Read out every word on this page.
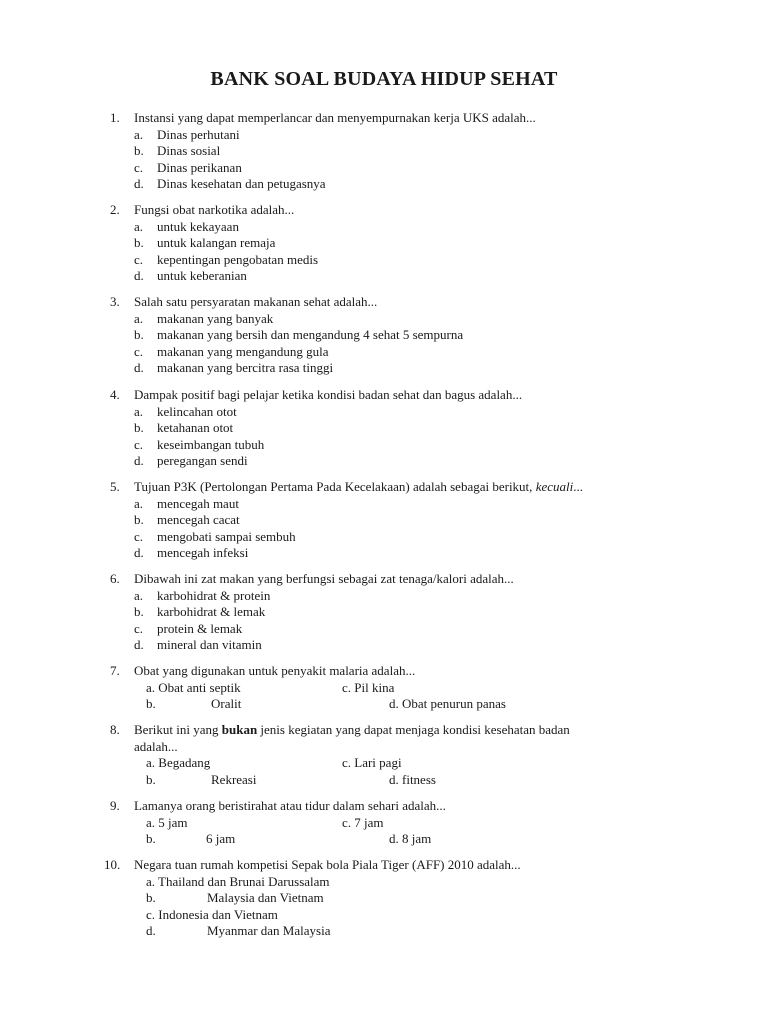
BANK SOAL BUDAYA HIDUP SEHAT
1. Instansi yang dapat memperlancar dan menyempurnakan kerja UKS adalah...
a. Dinas perhutani
b. Dinas sosial
c. Dinas perikanan
d. Dinas kesehatan dan petugasnya
2. Fungsi obat narkotika adalah...
a. untuk kekayaan
b. untuk kalangan remaja
c. kepentingan pengobatan medis
d. untuk keberanian
3. Salah satu persyaratan makanan sehat adalah...
a. makanan yang banyak
b. makanan yang bersih dan mengandung 4 sehat 5 sempurna
c. makanan yang mengandung gula
d. makanan yang bercitra rasa tinggi
4. Dampak positif bagi pelajar ketika kondisi badan sehat dan bagus adalah...
a. kelincahan otot
b. ketahanan otot
c. keseimbangan tubuh
d. peregangan sendi
5. Tujuan P3K (Pertolongan Pertama Pada Kecelakaan) adalah sebagai berikut, kecuali...
a. mencegah maut
b. mencegah cacat
c. mengobati sampai sembuh
d. mencegah infeksi
6. Dibawah ini zat makan yang berfungsi sebagai zat tenaga/kalori adalah...
a. karbohidrat & protein
b. karbohidrat & lemak
c. protein & lemak
d. mineral dan vitamin
7. Obat yang digunakan untuk penyakit malaria adalah...
a. Obat anti septik	c. Pil kina
b.	Oralit	d. Obat penurun panas
8. Berikut ini yang bukan jenis kegiatan yang dapat menjaga kondisi kesehatan badan
adalah...
a. Begadang	c. Lari pagi
b.	Rekreasi	d. fitness
9. Lamanya orang beristirahat atau tidur dalam sehari adalah...
a. 5 jam	c. 7 jam
b.	6 jam	d. 8 jam
10. Negara tuan rumah kompetisi Sepak bola Piala Tiger (AFF) 2010 adalah...
a. Thailand dan Brunai Darussalam
b.	Malaysia dan Vietnam
c. Indonesia dan Vietnam
d.	Myanmar dan Malaysia
